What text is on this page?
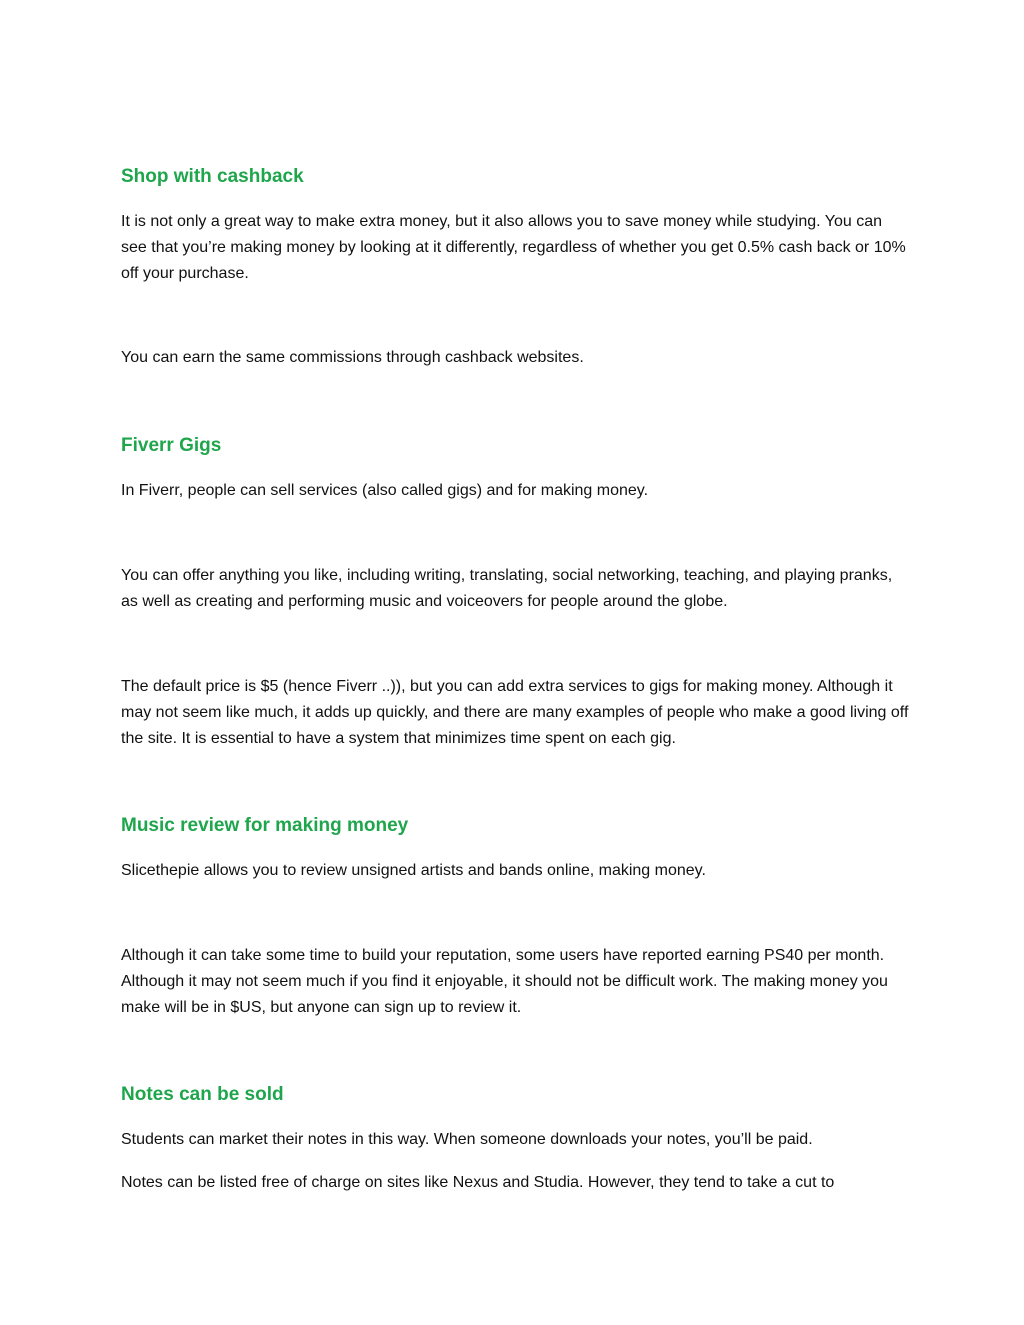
Shop with cashback

It is not only a great way to make extra money, but it also allows you to save money while studying. You can see that you’re making money by looking at it differently, regardless of whether you get 0.5% cash back or 10% off your purchase.

You can earn the same commissions through cashback websites.

Fiverr Gigs

In Fiverr, people can sell services (also called gigs) and for making money.

You can offer anything you like, including writing, translating, social networking, teaching, and playing pranks, as well as creating and performing music and voiceovers for people around the globe.

The default price is $5 (hence Fiverr ..)), but you can add extra services to gigs for making money. Although it may not seem like much, it adds up quickly, and there are many examples of people who make a good living off the site. It is essential to have a system that minimizes time spent on each gig.

Music review for making money

Slicethepie allows you to review unsigned artists and bands online, making money.

Although it can take some time to build your reputation, some users have reported earning PS40 per month. Although it may not seem much if you find it enjoyable, it should not be difficult work. The making money you make will be in $US, but anyone can sign up to review it.

Notes can be sold

Students can market their notes in this way. When someone downloads your notes, you’ll be paid.

Notes can be listed free of charge on sites like Nexus and Studia. However, they tend to take a cut to
